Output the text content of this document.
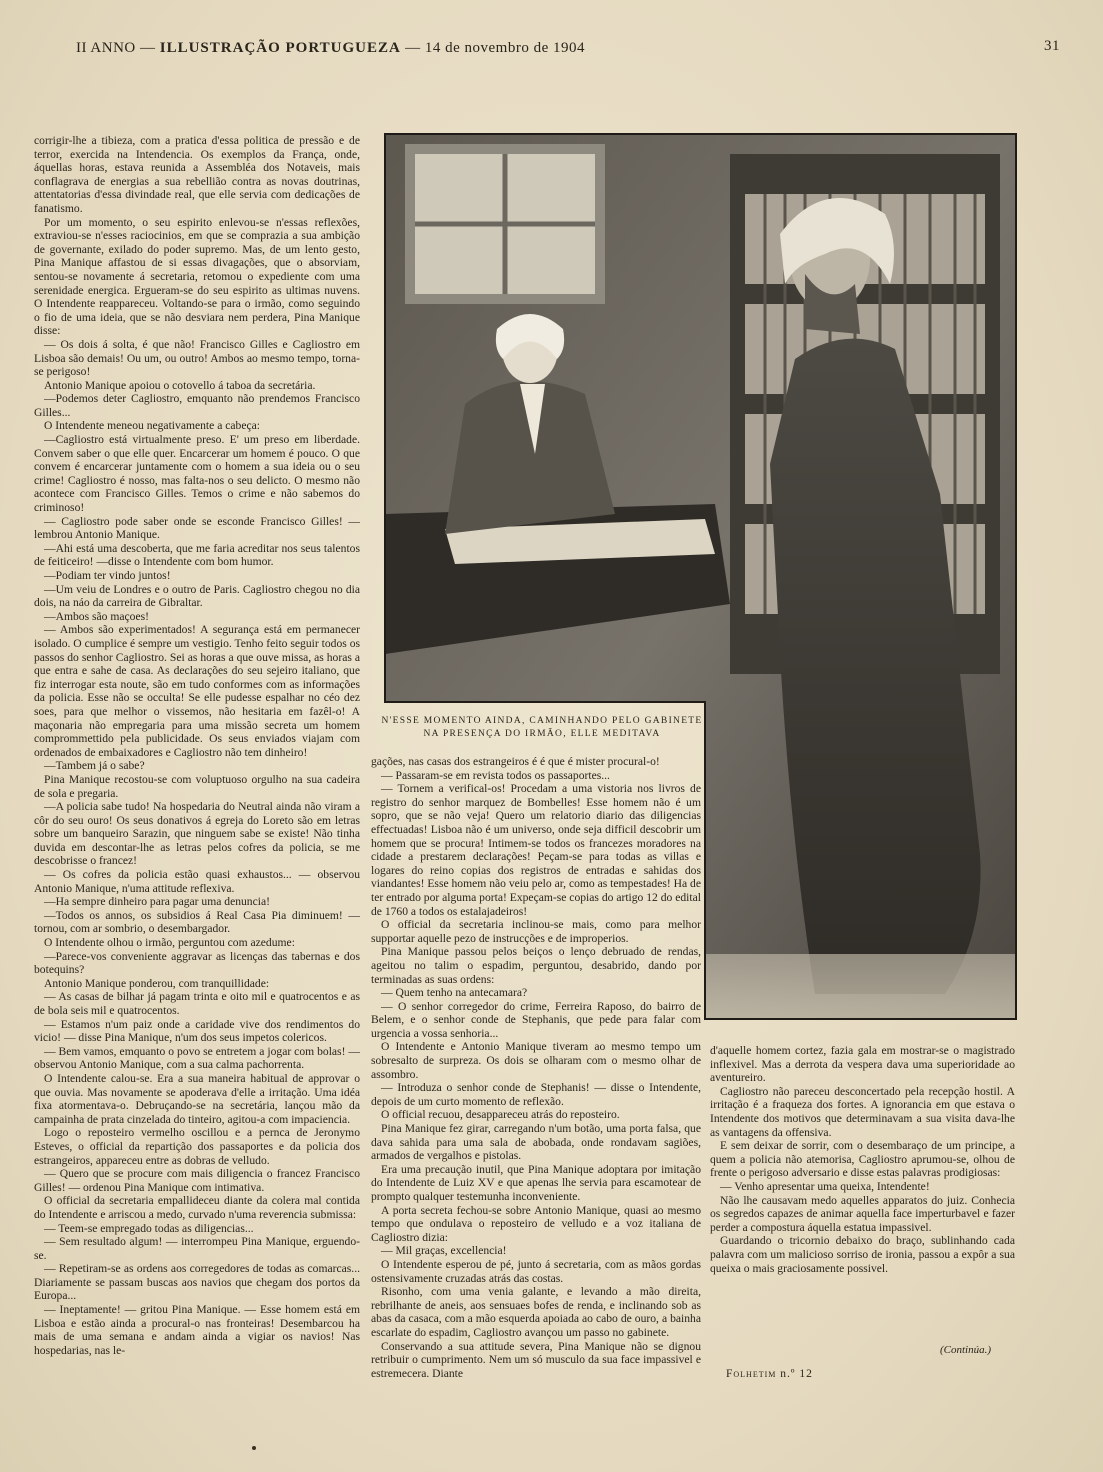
II ANNO — ILLUSTRAÇÃO PORTUGUEZA — 14 de novembro de 1904	31

corrigir-lhe a tibieza, com a pratica d'essa politica de pressão e de terror, exercida na Intendencia. Os exemplos da França, onde, áquellas horas, estava reunida a Assembléa dos Notaveis, mais conflagrava de energias a sua rebellião contra as novas doutrinas, attentatorias d'essa divindade real, que elle servia com dedicações de fanatismo.

Por um momento, o seu espirito enlevou-se n'essas reflexões, extraviou-se n'esses raciocinios, em que se comprazia a sua ambição de governante, exilado do poder supremo. Mas, de um lento gesto, Pina Manique affastou de si essas divagações, que o absorviam, sentou-se novamente á secretaria, retomou o expediente com uma serenidade energica. Ergueram-se do seu espirito as ultimas nuvens. O Intendente reappareceu. Voltando-se para o irmão, como seguindo o fio de uma ideia, que se não desviara nem perdera, Pina Manique disse:

— Os dois á solta, é que não! Francisco Gilles e Cagliostro em Lisboa são demais! Ou um, ou outro! Ambos ao mesmo tempo, torna-se perigoso!

Antonio Manique apoiou o cotovello á taboa da secretária.

—Podemos deter Cagliostro, emquanto não prendemos Francisco Gilles...

O Intendente meneou negativamente a cabeça:

—Cagliostro está virtualmente preso. E' um preso em liberdade. Convem saber o que elle quer. Encarcerar um homem é pouco. O que convem é encarcerar juntamente com o homem a sua ideia ou o seu crime! Cagliostro é nosso, mas falta-nos o seu delicto. O mesmo não acontece com Francisco Gilles. Temos o crime e não sabemos do criminoso!

— Cagliostro pode saber onde se esconde Francisco Gilles! —lembrou Antonio Manique.

—Ahi está uma descoberta, que me faria acreditar nos seus talentos de feiticeiro! —disse o Intendente com bom humor.

—Podiam ter vindo juntos!

—Um veiu de Londres e o outro de Paris. Cagliostro chegou no dia dois, na náo da carreira de Gibraltar.

—Ambos são maçoes!

— Ambos são experimentados! A segurança está em permanecer isolado. O cumplice é sempre um vestigio. Tenho feito seguir todos os passos do senhor Cagliostro. Sei as horas a que ouve missa, as horas a que entra e sahe de casa. As declarações do seu sejeiro italiano, que fiz interrogar esta noute, são em tudo conformes com as informações da policia. Esse não se occulta! Se elle pudesse espalhar no céo dez soes, para que melhor o vissemos, não hesitaria em fazêl-o! A maçonaria não empregaria para uma missão secreta um homem comprommettido pela publicidade. Os seus enviados viajam com ordenados de embaixadores e Cagliostro não tem dinheiro!

—Tambem já o sabe?

Pina Manique recostou-se com voluptuoso orgulho na sua cadeira de sola e pregaria.

—A policia sabe tudo! Na hospedaria do Neutral ainda não viram a côr do seu ouro! Os seus donativos á egreja do Loreto são em letras sobre um banqueiro Sarazin, que ninguem sabe se existe! Não tinha duvida em descontar-lhe as letras pelos cofres da policia, se me descobrisse o francez!

— Os cofres da policia estão quasi exhaustos... — observou Antonio Manique, n'uma attitude reflexiva.

—Ha sempre dinheiro para pagar uma denuncia!

—Todos os annos, os subsidios á Real Casa Pia diminuem! —tornou, com ar sombrio, o desembargador.

O Intendente olhou o irmão, perguntou com azedume:

—Parece-vos conveniente aggravar as licenças das tabernas e dos botequins?

Antonio Manique ponderou, com tranquillidade:

— As casas de bilhar já pagam trinta e oito mil e quatrocentos e as de bola seis mil e quatrocentos.

— Estamos n'um paiz onde a caridade vive dos rendimentos do vicio! — disse Pina Manique, n'um dos seus impetos colericos.

— Bem vamos, emquanto o povo se entretem a jogar com bolas! — observou Antonio Manique, com a sua calma pachorrenta.

O Intendente calou-se. Era a sua maneira habitual de approvar o que ouvia. Mas novamente se apoderava d'elle a irritação. Uma idéa fixa atormentava-o. Debruçando-se na secretária, lançou mão da campainha de prata cinzelada do tinteiro, agitou-a com impaciencia.

Logo o reposteiro vermelho oscillou e a pernca de Jeronymo Esteves, o official da repartição dos passaportes e da policia dos estrangeiros, appareceu entre as dobras de velludo.

— Quero que se procure com mais diligencia o francez Francisco Gilles! — ordenou Pina Manique com intimativa.

O official da secretaria empallideceu diante da colera mal contida do Intendente e arriscou a medo, curvado n'uma reverencia submissa:

— Teem-se empregado todas as diligencias...

— Sem resultado algum! — interrompeu Pina Manique, erguendo-se.

— Repetiram-se as ordens aos corregedores de todas as comarcas... Diariamente se passam buscas aos navios que chegam dos portos da Europa...

— Ineptamente! — gritou Pina Manique. — Esse homem está em Lisboa e estão ainda a procural-o nas fronteiras! Desembarcou ha mais de uma semana e andam ainda a vigiar os navios! Nas hospedarias, nas le-

N'ESSE MOMENTO AINDA, CAMINHANDO PELO GABINETE
NA PRESENÇA DO IRMÃO, ELLE MEDITAVA

gações, nas casas dos estrangeiros é é que é mister procural-o!

— Passaram-se em revista todos os passaportes...

— Tornem a verifical-os! Procedam a uma vistoria nos livros de registro do senhor marquez de Bombelles! Esse homem não é um sopro, que se não veja! Quero um relatorio diario das diligencias effectuadas! Lisboa não é um universo, onde seja difficil descobrir um homem que se procura! Intimem-se todos os francezes moradores na cidade a prestarem declarações! Peçam-se para todas as villas e logares do reino copias dos registros de entradas e sahidas dos viandantes! Esse homem não veiu pelo ar, como as tempestades! Ha de ter entrado por alguma porta! Expeçam-se copias do artigo 12 do edital de 1760 a todos os estalajadeiros!

O official da secretaria inclinou-se mais, como para melhor supportar aquelle pezo de instrucções e de improperios.

Pina Manique passou pelos beiços o lenço debruado de rendas, ageitou no talim o espadim, perguntou, desabrido, dando por terminadas as suas ordens:

— Quem tenho na antecamara?

— O senhor corregedor do crime, Ferreira Raposo, do bairro de Belem, e o senhor conde de Stephanis, que pede para falar com urgencia a vossa senhoria...

O Intendente e Antonio Manique tiveram ao mesmo tempo um sobresalto de surpreza. Os dois se olharam com o mesmo olhar de assombro.

— Introduza o senhor conde de Stephanis! — disse o Intendente, depois de um curto momento de reflexão.

O official recuou, desappareceu atrás do reposteiro.

Pina Manique fez girar, carregando n'um botão, uma porta falsa, que dava sahida para uma sala de abobada, onde rondavam sagiões, armados de vergalhos e pistolas.

Era uma precaução inutil, que Pina Manique adoptara por imitação do Intendente de Luiz XV e que apenas lhe servia para escamotear de prompto qualquer testemunha inconveniente.

A porta secreta fechou-se sobre Antonio Manique, quasi ao mesmo tempo que ondulava o reposteiro de velludo e a voz italiana de Cagliostro dizia:

— Mil graças, excellencia!

O Intendente esperou de pé, junto á secretaria, com as mãos gordas ostensivamente cruzadas atrás das costas.

Risonho, com uma venia galante, e levando a mão direita, rebrilhante de aneis, aos sensuaes bofes de renda, e inclinando sob as abas da casaca, com a mão esquerda apoiada ao cabo de ouro, a bainha escarlate do espadim, Cagliostro avançou um passo no gabinete.

Conservando a sua attitude severa, Pina Manique não se dignou retribuir o cumprimento. Nem um só musculo da sua face impassivel e estremecera. Diante

d'aquelle homem cortez, fazia gala em mostrar-se o magistrado inflexivel. Mas a derrota da vespera dava uma superioridade ao aventureiro.

Cagliostro não pareceu desconcertado pela recepção hostil. A irritação é a fraqueza dos fortes. A ignorancia em que estava o Intendente dos motivos que determinavam a sua visita dava-lhe as vantagens da offensiva.

E sem deixar de sorrir, com o desembaraço de um principe, a quem a policia não atemorisa, Cagliostro aprumou-se, olhou de frente o perigoso adversario e disse estas palavras prodigiosas:

— Venho apresentar uma queixa, Intendente!

Não lhe causavam medo aquelles apparatos do juiz. Conhecia os segredos capazes de animar aquella face imperturbavel e fazer perder a compostura áquella estatua impassivel.

Guardando o tricornio debaixo do braço, sublinhando cada palavra com um malicioso sorriso de ironia, passou a expôr a sua queixa o mais graciosamente possivel.

(Continúa.)
Folhetim n.º 12
